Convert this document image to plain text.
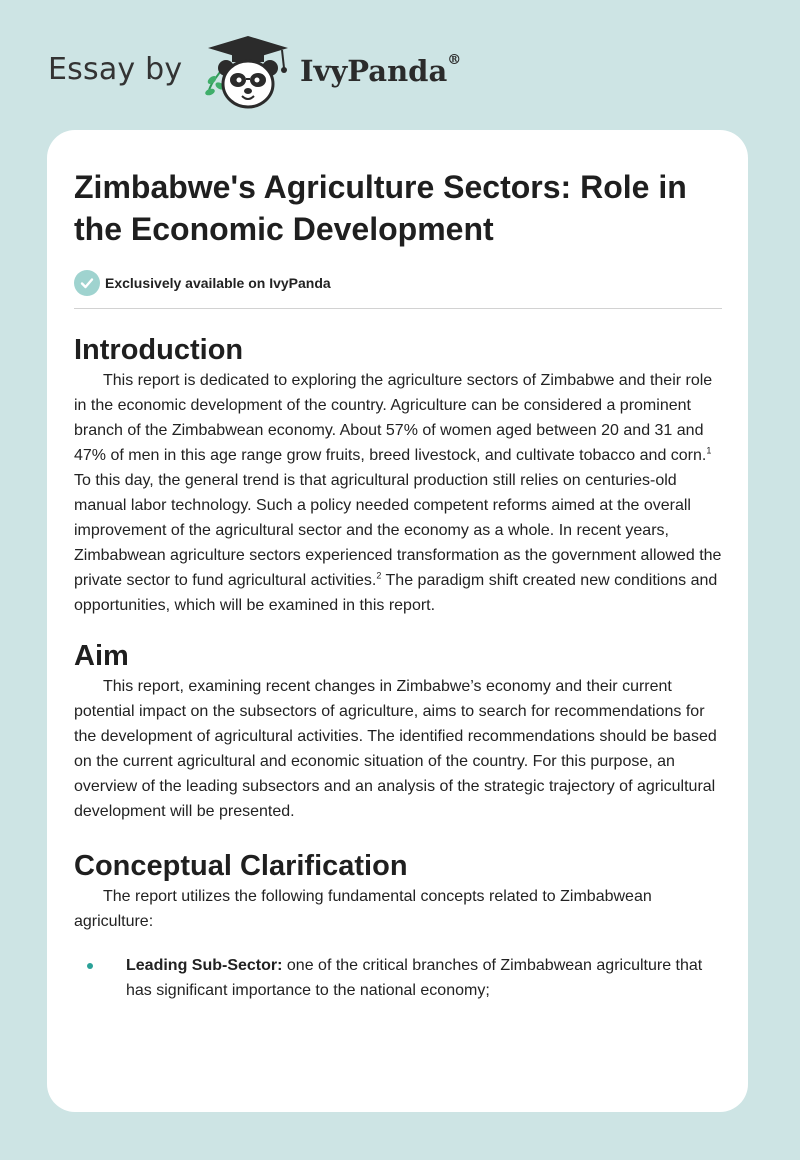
Essay by	IvyPanda®
Zimbabwe's Agriculture Sectors: Role in the Economic Development
Exclusively available on IvyPanda
Introduction

This report is dedicated to exploring the agriculture sectors of Zimbabwe and their role in the economic development of the country. Agriculture can be considered a prominent branch of the Zimbabwean economy. About 57% of women aged between 20 and 31 and 47% of men in this age range grow fruits, breed livestock, and cultivate tobacco and corn.$^1$ To this day, the general trend is that agricultural production still relies on centuries-old manual labor technology. Such a policy needed competent reforms aimed at the overall improvement of the agricultural sector and the economy as a whole. In recent years, Zimbabwean agriculture sectors experienced transformation as the government allowed the private sector to fund agricultural activities.$^2$ The paradigm shift created new conditions and opportunities, which will be examined in this report.

Aim

This report, examining recent changes in Zimbabwe’s economy and their current potential impact on the subsectors of agriculture, aims to search for recommendations for the development of agricultural activities. The identified recommendations should be based on the current agricultural and economic situation of the country. For this purpose, an overview of the leading subsectors and an analysis of the strategic trajectory of agricultural development will be presented.

Conceptual Clarification

The report utilizes the following fundamental concepts related to Zimbabwean agriculture:

Leading Sub-Sector: one of the critical branches of Zimbabwean agriculture that has significant importance to the national economy;
